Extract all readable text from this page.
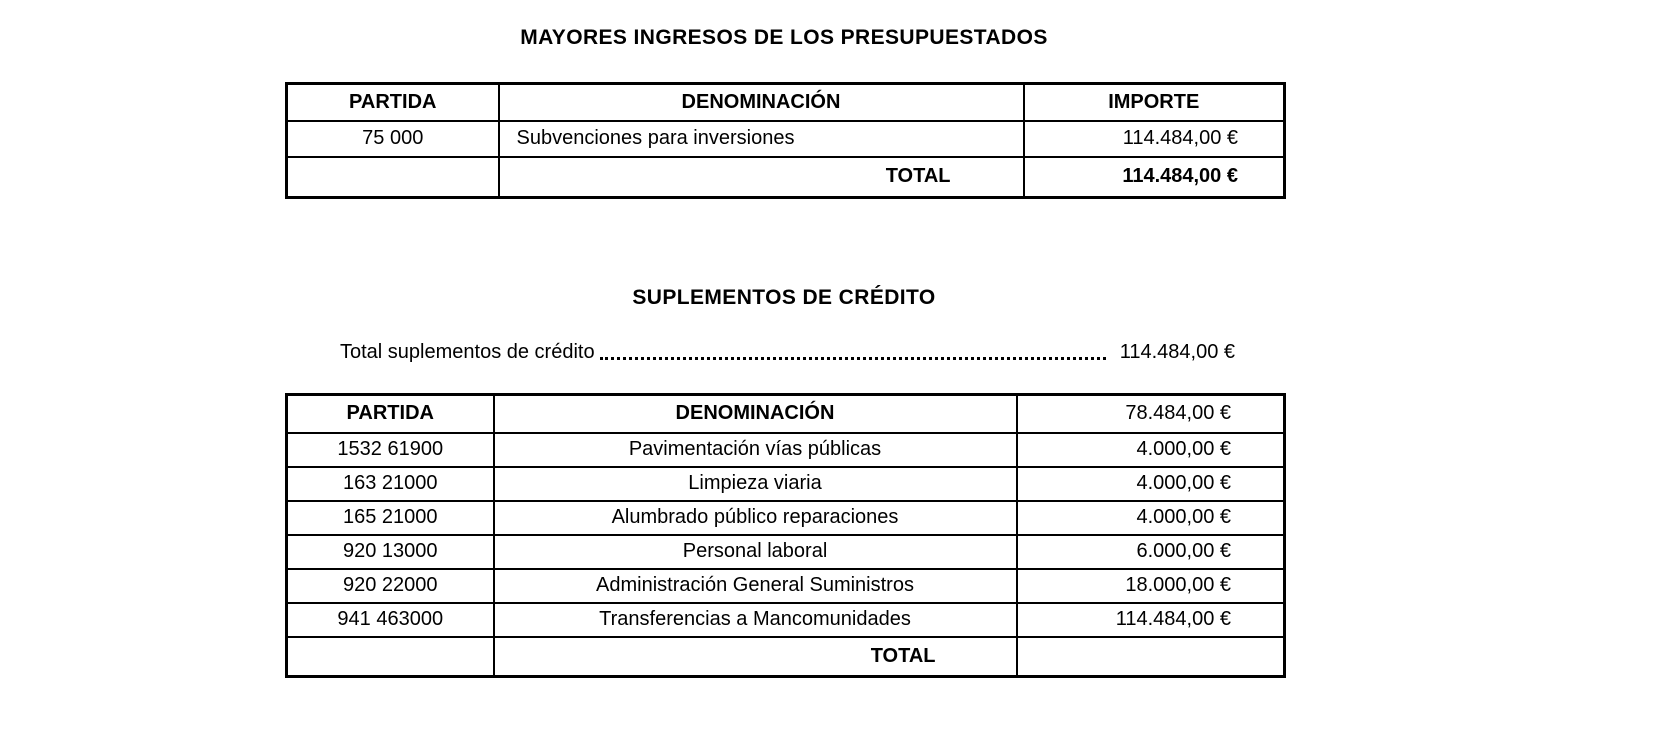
MAYORES INGRESOS DE LOS PRESUPUESTADOS
PARTIDA	DENOMINACIÓN	IMPORTE
75 000	Subvenciones para inversiones	114.484,00 €
	TOTAL	114.484,00 €
SUPLEMENTOS DE CRÉDITO
Total suplementos de crédito	114.484,00 €
PARTIDA	DENOMINACIÓN	78.484,00 €
1532 61900	Pavimentación vías públicas	4.000,00 €
163 21000	Limpieza viaria	4.000,00 €
165 21000	Alumbrado público reparaciones	4.000,00 €
920 13000	Personal laboral	6.000,00 €
920 22000	Administración General Suministros	18.000,00 €
941 463000	Transferencias a Mancomunidades	114.484,00 €
	TOTAL	
